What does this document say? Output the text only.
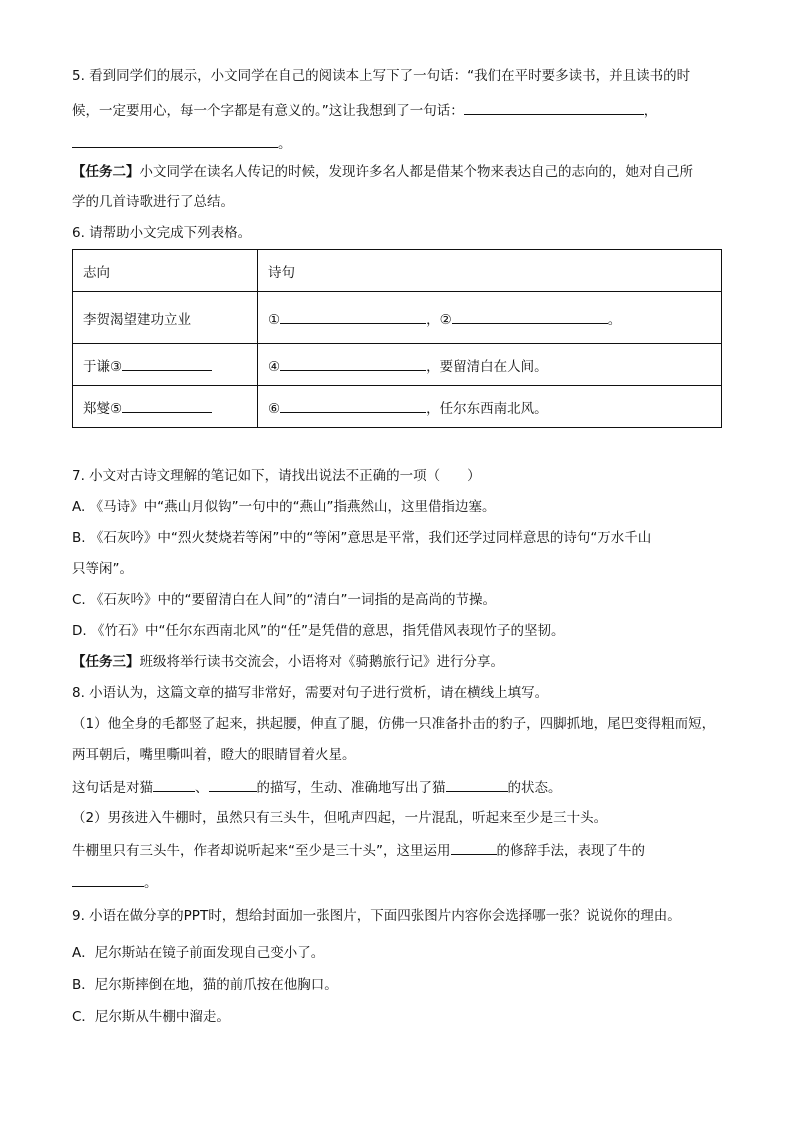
5. 看到同学们的展示，小文同学在自己的阅读本上写下了一句话：“我们在平时要多读书，并且读书的时
候，一定要用心，每一个字都是有意义的。”这让我想到了一句话：	，
。
【任务二】小文同学在读名人传记的时候，发现许多名人都是借某个物来表达自己的志向的，她对自己所
学的几首诗歌进行了总结。
6. 请帮助小文完成下列表格。
志向	诗句
李贺渴望建功立业	① ，② 。
于谦③	④ ，要留清白在人间。
郑燮⑤	⑥ ，任尔东西南北风。
7. 小文对古诗文理解的笔记如下，请找出说法不正确的一项（　　）
A. 《马诗》中“燕山月似钩”一句中的“燕山”指燕然山，这里借指边塞。
B. 《石灰吟》中“烈火焚烧若等闲”中的“等闲”意思是平常，我们还学过同样意思的诗句“万水千山
只等闲”。
C. 《石灰吟》中的“要留清白在人间”的“清白”一词指的是高尚的节操。
D. 《竹石》中“任尔东西南北风”的“任”是凭借的意思，指凭借风表现竹子的坚韧。
【任务三】班级将举行读书交流会，小语将对《骑鹅旅行记》进行分享。
8. 小语认为，这篇文章的描写非常好，需要对句子进行赏析，请在横线上填写。
（1）他全身的毛都竖了起来，拱起腰，伸直了腿，仿佛一只准备扑击的豹子，四脚抓地，尾巴变得粗而短，
两耳朝后，嘴里嘶叫着，瞪大的眼睛冒着火星。
这句话是对猫	、	的描写，生动、准确地写出了猫	的状态。
（2）男孩进入牛棚时，虽然只有三头牛，但吼声四起，一片混乱，听起来至少是三十头。
牛棚里只有三头牛，作者却说听起来“至少是三十头”，这里运用	的修辞手法，表现了牛的
。
9. 小语在做分享的PPT时，想给封面加一张图片，下面四张图片内容你会选择哪一张？说说你的理由。
A．尼尔斯站在镜子前面发现自己变小了。
B．尼尔斯摔倒在地，猫的前爪按在他胸口。
C．尼尔斯从牛棚中溜走。
